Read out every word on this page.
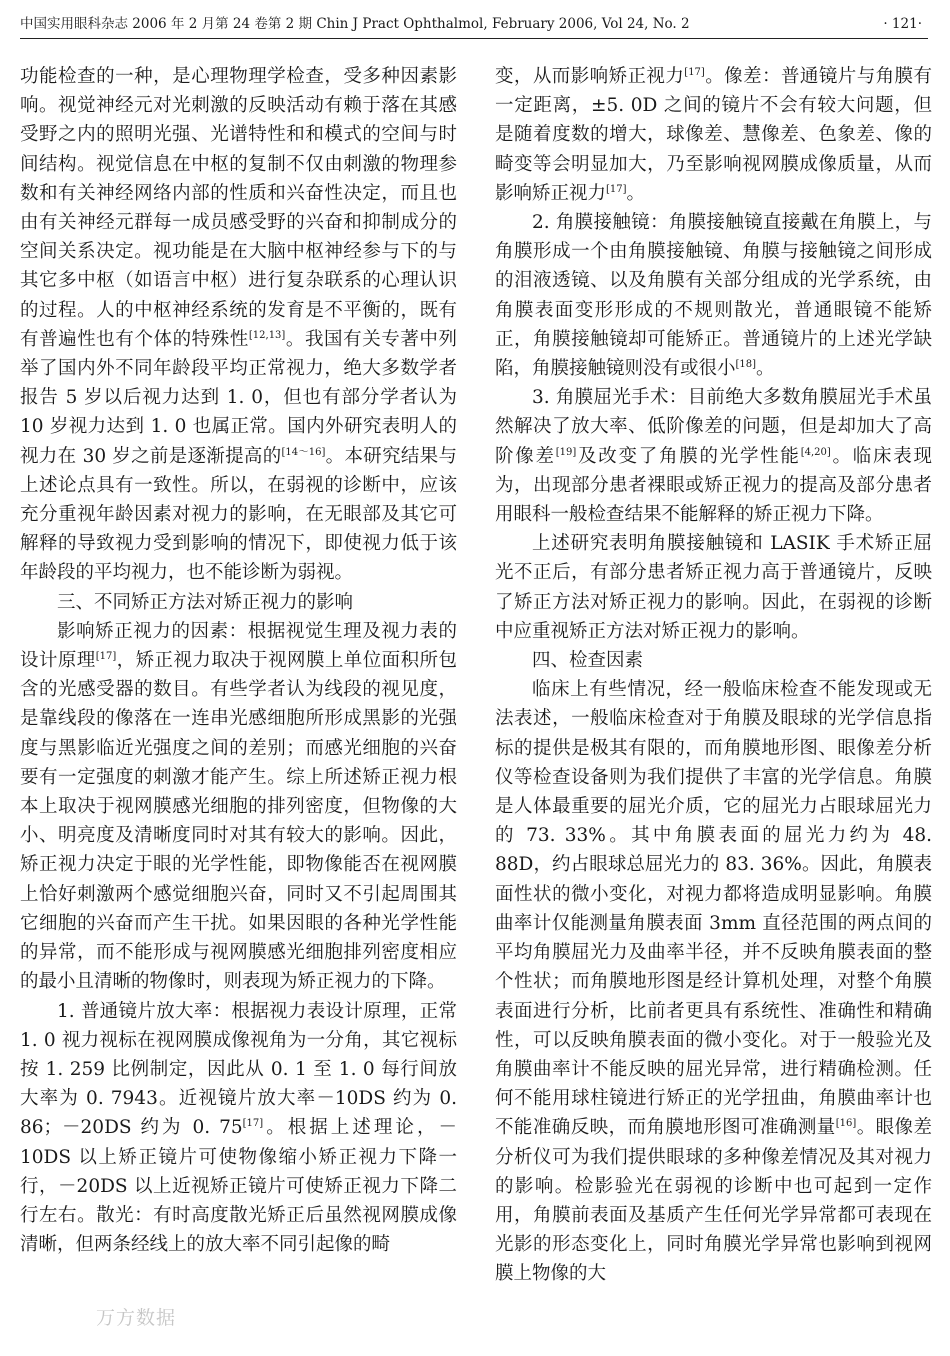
中国实用眼科杂志 2006 年 2 月第 24 卷第 2 期 Chin J Pract Ophthalmol, February 2006, Vol 24, No. 2	· 121·

功能检查的一种，是心理物理学检查，受多种因素影响。视觉神经元对光刺激的反映活动有赖于落在其感受野之内的照明光强、光谱特性和和模式的空间与时间结构。视觉信息在中枢的复制不仅由刺激的物理参数和有关神经网络内部的性质和兴奋性决定，而且也由有关神经元群每一成员感受野的兴奋和抑制成分的空间关系决定。视功能是在大脑中枢神经参与下的与其它多中枢（如语言中枢）进行复杂联系的心理认识的过程。人的中枢神经系统的发育是不平衡的，既有有普遍性也有个体的特殊性[12,13]。我国有关专著中列举了国内外不同年龄段平均正常视力，绝大多数学者报告 5 岁以后视力达到 1. 0，但也有部分学者认为 10 岁视力达到 1. 0 也属正常。国内外研究表明人的视力在 30 岁之前是逐渐提高的[14～16]。本研究结果与上述论点具有一致性。所以，在弱视的诊断中，应该充分重视年龄因素对视力的影响，在无眼部及其它可解释的导致视力受到影响的情况下，即使视力低于该年龄段的平均视力，也不能诊断为弱视。

三、不同矫正方法对矫正视力的影响

影响矫正视力的因素：根据视觉生理及视力表的设计原理[17]，矫正视力取决于视网膜上单位面积所包含的光感受器的数目。有些学者认为线段的视见度，是靠线段的像落在一连串光感细胞所形成黑影的光强度与黑影临近光强度之间的差别；而感光细胞的兴奋要有一定强度的刺激才能产生。综上所述矫正视力根本上取决于视网膜感光细胞的排列密度，但物像的大小、明亮度及清晰度同时对其有较大的影响。因此，矫正视力决定于眼的光学性能，即物像能否在视网膜上恰好刺激两个感觉细胞兴奋，同时又不引起周围其它细胞的兴奋而产生干扰。如果因眼的各种光学性能的异常，而不能形成与视网膜感光细胞排列密度相应的最小且清晰的物像时，则表现为矫正视力的下降。

1. 普通镜片放大率：根据视力表设计原理，正常 1. 0 视力视标在视网膜成像视角为一分角，其它视标按 1. 259 比例制定，因此从 0. 1 至 1. 0 每行间放大率为 0. 7943。近视镜片放大率－10DS 约为 0. 86；－20DS 约为 0. 75[17]。根据上述理论，－10DS 以上矫正镜片可使物像缩小矫正视力下降一行，－20DS 以上近视矫正镜片可使矫正视力下降二行左右。散光：有时高度散光矫正后虽然视网膜成像清晰，但两条经线上的放大率不同引起像的畸

变，从而影响矫正视力[17]。像差：普通镜片与角膜有一定距离，±5. 0D 之间的镜片不会有较大问题，但是随着度数的增大，球像差、慧像差、色象差、像的畸变等会明显加大，乃至影响视网膜成像质量，从而影响矫正视力[17]。

2. 角膜接触镜：角膜接触镜直接戴在角膜上，与角膜形成一个由角膜接触镜、角膜与接触镜之间形成的泪液透镜、以及角膜有关部分组成的光学系统，由角膜表面变形形成的不规则散光，普通眼镜不能矫正，角膜接触镜却可能矫正。普通镜片的上述光学缺陷，角膜接触镜则没有或很小[18]。

3. 角膜屈光手术：目前绝大多数角膜屈光手术虽然解决了放大率、低阶像差的问题，但是却加大了高阶像差[19]及改变了角膜的光学性能[4,20]。临床表现为，出现部分患者裸眼或矫正视力的提高及部分患者用眼科一般检查结果不能解释的矫正视力下降。

上述研究表明角膜接触镜和 LASIK 手术矫正屈光不正后，有部分患者矫正视力高于普通镜片，反映了矫正方法对矫正视力的影响。因此，在弱视的诊断中应重视矫正方法对矫正视力的影响。

四、检查因素

临床上有些情况，经一般临床检查不能发现或无法表述，一般临床检查对于角膜及眼球的光学信息指标的提供是极其有限的，而角膜地形图、眼像差分析仪等检查设备则为我们提供了丰富的光学信息。角膜是人体最重要的屈光介质，它的屈光力占眼球屈光力的 73. 33%。其中角膜表面的屈光力约为 48. 88D，约占眼球总屈光力的 83. 36%。因此，角膜表面性状的微小变化，对视力都将造成明显影响。角膜曲率计仅能测量角膜表面 3mm 直径范围的两点间的平均角膜屈光力及曲率半径，并不反映角膜表面的整个性状；而角膜地形图是经计算机处理，对整个角膜表面进行分析，比前者更具有系统性、准确性和精确性，可以反映角膜表面的微小变化。对于一般验光及角膜曲率计不能反映的屈光异常，进行精确检测。任何不能用球柱镜进行矫正的光学扭曲，角膜曲率计也不能准确反映，而角膜地形图可准确测量[16]。眼像差分析仪可为我们提供眼球的多种像差情况及其对视力的影响。检影验光在弱视的诊断中也可起到一定作用，角膜前表面及基质产生任何光学异常都可表现在光影的形态变化上，同时角膜光学异常也影响到视网膜上物像的大

万方数据
